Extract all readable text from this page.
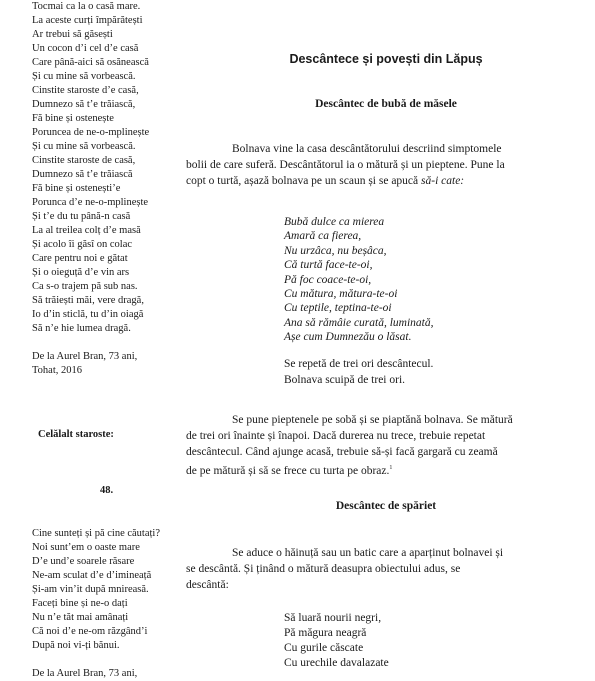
Tocmai ca la o casă mare.
La aceste curți împărătești
Ar trebui să găsești
Un cocon d’i cel d’e casă
Care până-aici să osănească
Și cu mine să vorbească.
Cinstite staroste d’e casă,
Dumnezo să t’e trăiască,
Fă bine și ostenește
Poruncea de ne-o-mplinește
Și cu mine să vorbească.
Cinstite staroste de casă,
Dumnezo să t’e trăiască
Fă bine și ostenești’e
Porunca d’e ne-o-mplinește
Și t’e du tu până-n casă
La al treilea colț d’e masă
Și acolo îi găsî on colac
Care pentru noi e gătat
Și o oieguță d’e vin ars
Ca s-o trajem pă sub nas.
Să trăiești măi, vere dragă,
Io d’in sticlă, tu d’in oiagă
Să n’e hie lumea dragă.
De la Aurel Bran, 73 ani,
Tohat, 2016
Celălalt staroste:
48.
Cine sunteți și pă cine căutați?
Noi sunt’em o oaste mare
D’e und’e soarele răsare
Ne-am sculat d’e d’imineață
Și-am vin’it după mnireasă.
Faceți bine și ne-o dați
Nu n’e tăt mai amânați
Că noi d’e ne-om răzgând’i
După noi vi-ți bănui.
De la Aurel Bran, 73 ani,
Descântece și povești din Lăpuș
Descântec de bubă de măsele
Bolnava vine la casa descântătorului descriind simptomele
bolii de care suferă. Descântătorul ia o mătură și un pieptene. Pune la
copt o turtă, așază bolnava pe un scaun și se apucă să-i cate:
Bubă dulce ca mierea
Amară ca fierea,
Nu urzâca, nu beșâca,
Că turtă face-te-oi,
Pă foc coace-te-oi,
Cu mătura, mătura-te-oi
Cu teptile, teptina-te-oi
Ana să rămâie curată, luminată,
Așe cum Dumnezău o lăsat.
Se repetă de trei ori descântecul.
Bolnava scuipă de trei ori.
Se pune pieptenele pe sobă și se piaptănă bolnava. Se mătură
de trei ori înainte și înapoi. Dacă durerea nu trece, trebuie repetat
descântecul. Când ajunge acasă, trebuie să-și facă gargară cu zeamă
de pe mătură și să se frece cu turta pe obraz.$^1$
Descântec de spăriet
Se aduce o hăinuță sau un batic care a aparținut bolnavei și
se descântă. Și ținând o mătură deasupra obiectului adus, se
descântă:
Să luară nourii negri,
Pă măgura neagră
Cu gurile căscate
Cu urechile davalazate
